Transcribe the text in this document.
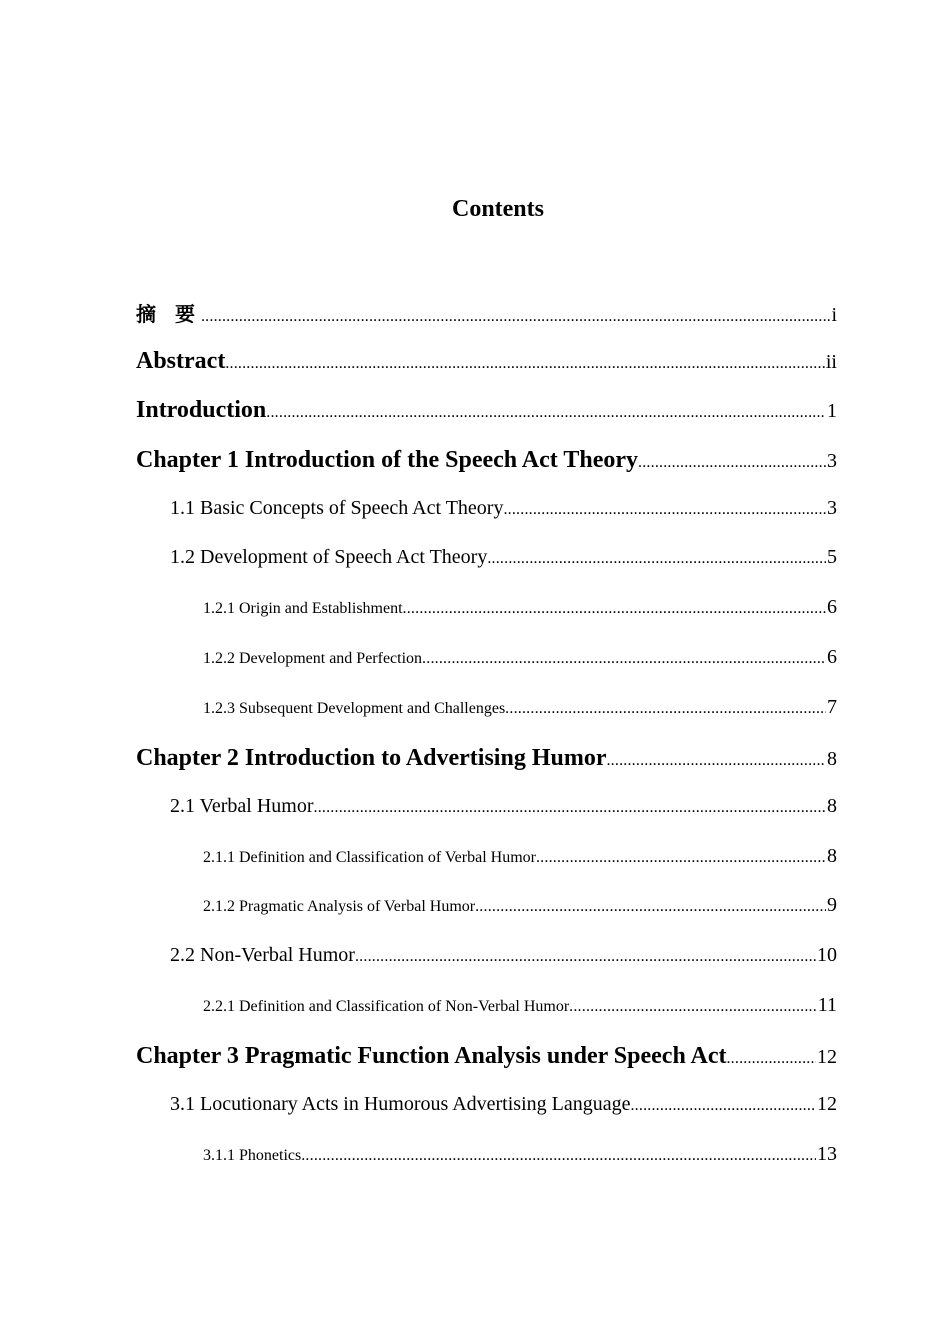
Contents
摘 要 .....	i
Abstract .....	ii
Introduction .....	1
Chapter 1 Introduction of the Speech Act Theory .....	3
1.1 Basic Concepts of Speech Act Theory .....	3
1.2 Development of Speech Act Theory .....	5
1.2.1 Origin and Establishment .....	6
1.2.2 Development and Perfection .....	6
1.2.3 Subsequent Development and Challenges .....	7
Chapter 2 Introduction to Advertising Humor .....	8
2.1 Verbal Humor .....	8
2.1.1 Definition and Classification of Verbal Humor .....	8
2.1.2 Pragmatic Analysis of Verbal Humor .....	9
2.2 Non-Verbal Humor .....	10
2.2.1 Definition and Classification of Non-Verbal Humor .....	11
Chapter 3 Pragmatic Function Analysis under Speech Act .....	12
3.1 Locutionary Acts in Humorous Advertising Language .....	12
3.1.1 Phonetics .....	13
